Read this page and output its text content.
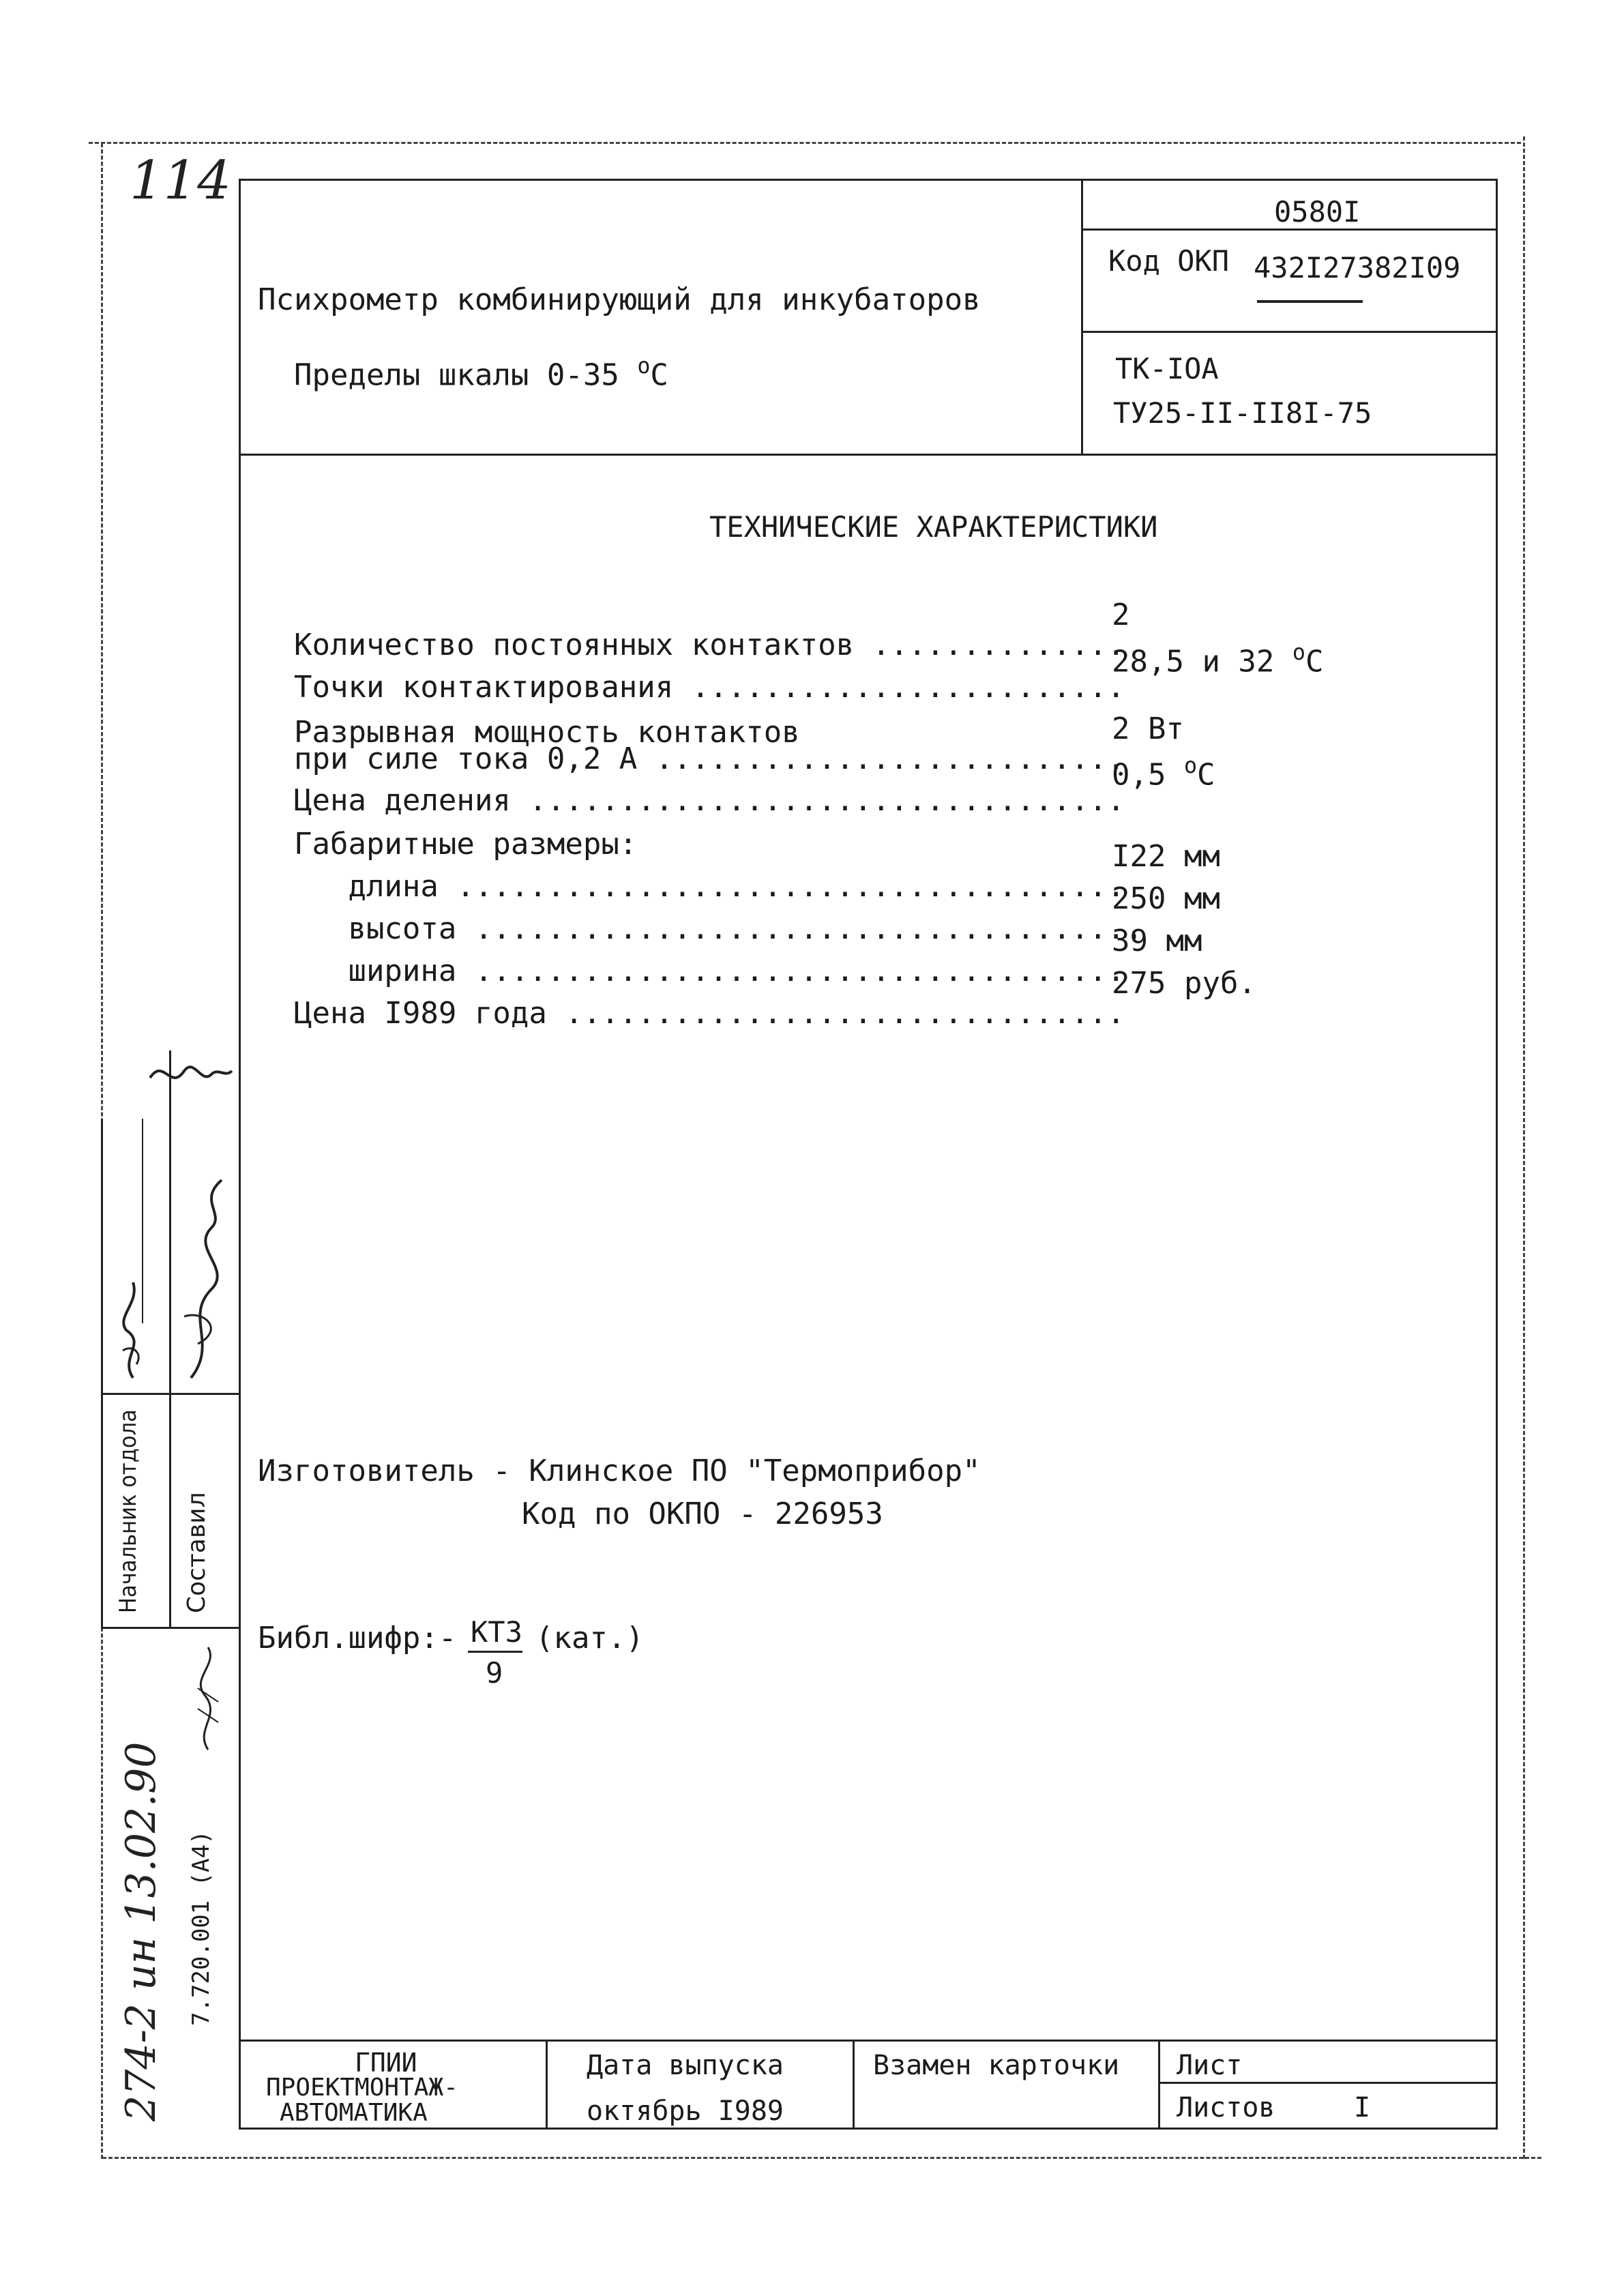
114
0580I
Код ОКП 432I27382I09
ТК-IOA
ТУ25-II-II8I-75
Психрометр комбинирующий для инкубаторов

Пределы шкалы 0-35 $^о$С

ТЕХНИЧЕСКИЕ ХАРАКТЕРИСТИКИ

Количество постоянных контактов ..............

2

Точки контактирования ........................

28,5 и 32 $^о$С

Разрывная мощность контактов

при силе тока 0,2 А ..........................

2 Вт

Цена деления .................................

0,5 $^о$С

Габаритные размеры:

длина .....................................

I22 мм

высота .....................................

250 мм

ширина ....................................

39 мм

Цена I989 года ...............................

275 руб.

Изготовитель - Клинское ПО "Термоприбор"
Код по ОКПО - 226953
Библ.шифр:- КТЗ
9
(кат.)
Начальник отдола Составил
274-2 ин 13.02.90 7.720.001 (А4)
ГПИИ
ПРОЕКТМОНТАЖ-
АВТОМАТИКА
Дата выпуска
октябрь I989
Взамен карточки Лист
Листов	I
